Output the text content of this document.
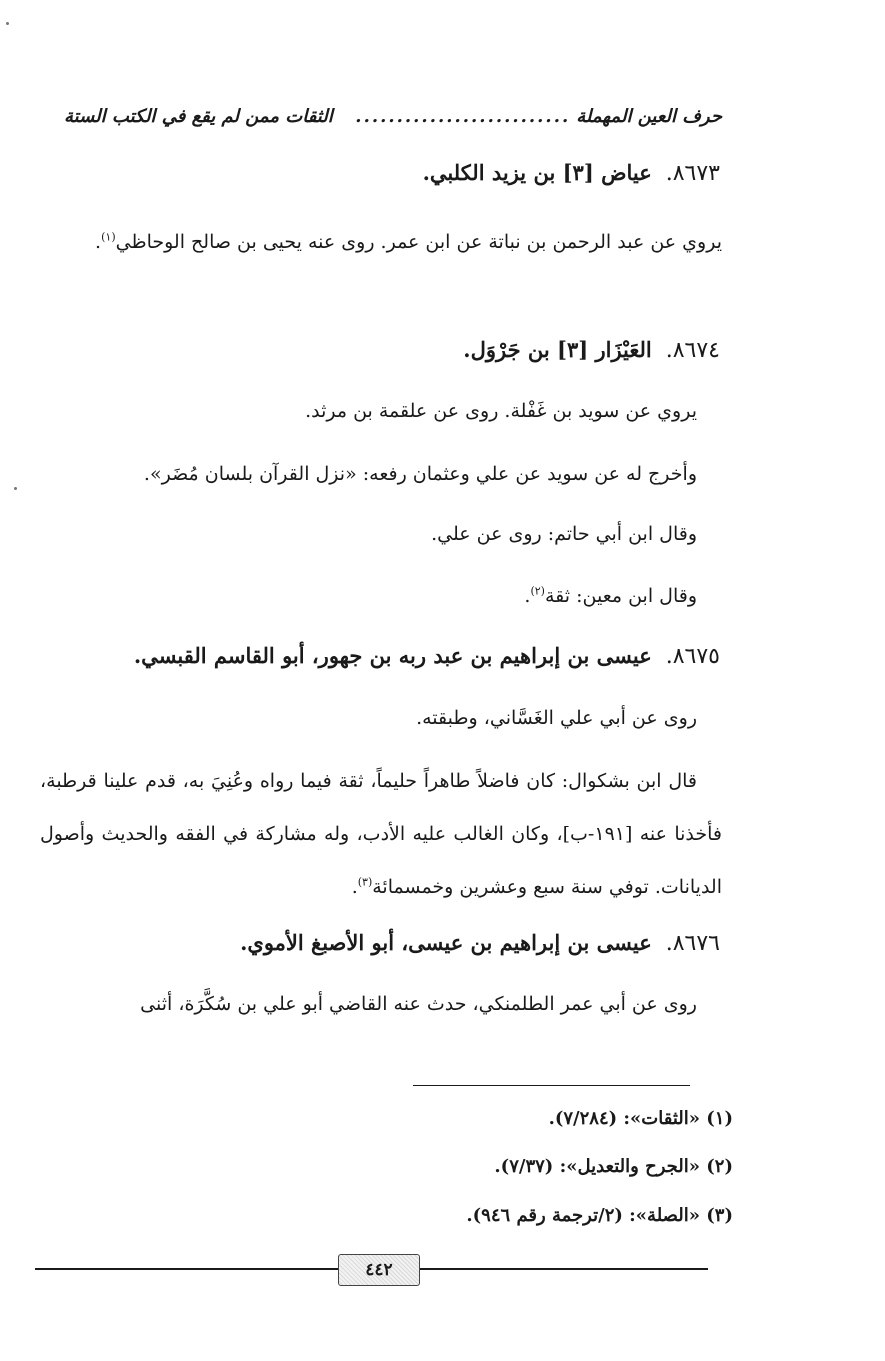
حرف العين المهملة
..........................
الثقات ممن لم يقع في الكتب الستة
٨٦٧٣.عياض [٣] بن يزيد الكلبي.
يروي عن عبد الرحمن بن نباتة عن ابن عمر. روى عنه يحيى بن صالح الوحاظي$^{(١)}$.
٨٦٧٤.العَيْزَار [٣] بن جَرْوَل.
يروي عن سويد بن غَفْلة. روى عن علقمة بن مرثد.
وأخرج له عن سويد عن علي وعثمان رفعه: «نزل القرآن بلسان مُضَر».
وقال ابن أبي حاتم: روى عن علي.
وقال ابن معين: ثقة$^{(٢)}$.
٨٦٧٥.عيسى بن إبراهيم بن عبد ربه بن جهور، أبو القاسم القبسي.
روى عن أبي علي الغَسَّاني، وطبقته.
قال ابن بشكوال: كان فاضلاً طاهراً حليماً، ثقة فيما رواه وعُنِيَ به، قدم علينا قرطبة، فأخذنا عنه [١٩١-ب]، وكان الغالب عليه الأدب، وله مشاركة في الفقه والحديث وأصول الديانات. توفي سنة سبع وعشرين وخمسمائة$^{(٣)}$.
٨٦٧٦.عيسى بن إبراهيم بن عيسى، أبو الأصبغ الأموي.
روى عن أبي عمر الطلمنكي، حدث عنه القاضي أبو علي بن سُكَّرَة، أثنى
(١) «الثقات»: (٧/٢٨٤).
(٢) «الجرح والتعديل»: (٧/٣٧).
(٣) «الصلة»: (٢/ترجمة رقم ٩٤٦).
٤٤٢
